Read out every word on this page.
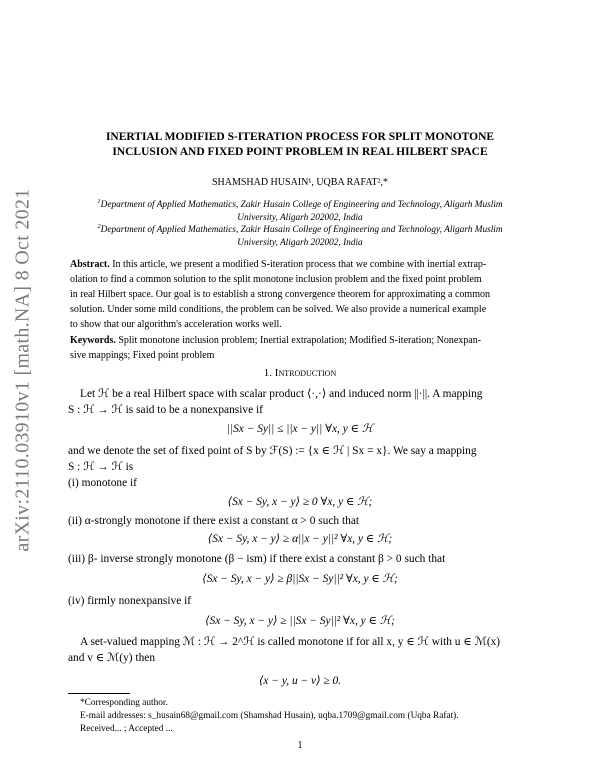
arXiv:2110.03910v1 [math.NA] 8 Oct 2021
INERTIAL MODIFIED S-ITERATION PROCESS FOR SPLIT MONOTONE
INCLUSION AND FIXED POINT PROBLEM IN REAL HILBERT SPACE
SHAMSHAD HUSAIN¹, UQBA RAFAT²,*
$^1$Department of Applied Mathematics, Zakir Husain College of Engineering and Technology, Aligarh Muslim
University, Aligarh 202002, India
$^2$Department of Applied Mathematics, Zakir Husain College of Engineering and Technology, Aligarh Muslim
University, Aligarh 202002, India
Abstract. In this article, we present a modified S-iteration process that we combine with inertial extrap-
olation to find a common solution to the split monotone inclusion problem and the fixed point problem
in real Hilbert space. Our goal is to establish a strong convergence theorem for approximating a common
solution. Under some mild conditions, the problem can be solved. We also provide a numerical example
to show that our algorithm's acceleration works well.
Keywords. Split monotone inclusion problem; Inertial extrapolation; Modified S-iteration; Nonexpan-
sive mappings; Fixed point problem
1. Introduction
Let ℋ be a real Hilbert space with scalar product ⟨·,·⟩ and induced norm ||·||. A mapping
S : ℋ → ℋ is said to be a nonexpansive if
||Sx − Sy|| ≤ ||x − y|| ∀x, y ∈ ℋ
and we denote the set of fixed point of S by ℱ(S) := {x ∈ ℋ | Sx = x}. We say a mapping
S : ℋ → ℋ is
(i) monotone if
⟨Sx − Sy, x − y⟩ ≥ 0 ∀x, y ∈ ℋ;
(ii) α-strongly monotone if there exist a constant α > 0 such that
⟨Sx − Sy, x − y⟩ ≥ α||x − y||² ∀x, y ∈ ℋ;
(iii) β- inverse strongly monotone (β − ism) if there exist a constant β > 0 such that
⟨Sx − Sy, x − y⟩ ≥ β||Sx − Sy||² ∀x, y ∈ ℋ;
(iv) firmly nonexpansive if
⟨Sx − Sy, x − y⟩ ≥ ||Sx − Sy||² ∀x, y ∈ ℋ;
A set-valued mapping ℳ : ℋ → 2^ℋ is called monotone if for all x, y ∈ ℋ with u ∈ ℳ(x)
and v ∈ ℳ(y) then
⟨x − y, u − v⟩ ≥ 0.
*Corresponding author.
E-mail addresses: s_husain68@gmail.com (Shamshad Husain), uqba.1709@gmail.com (Uqba Rafat).
Received... ; Accepted ...
1
